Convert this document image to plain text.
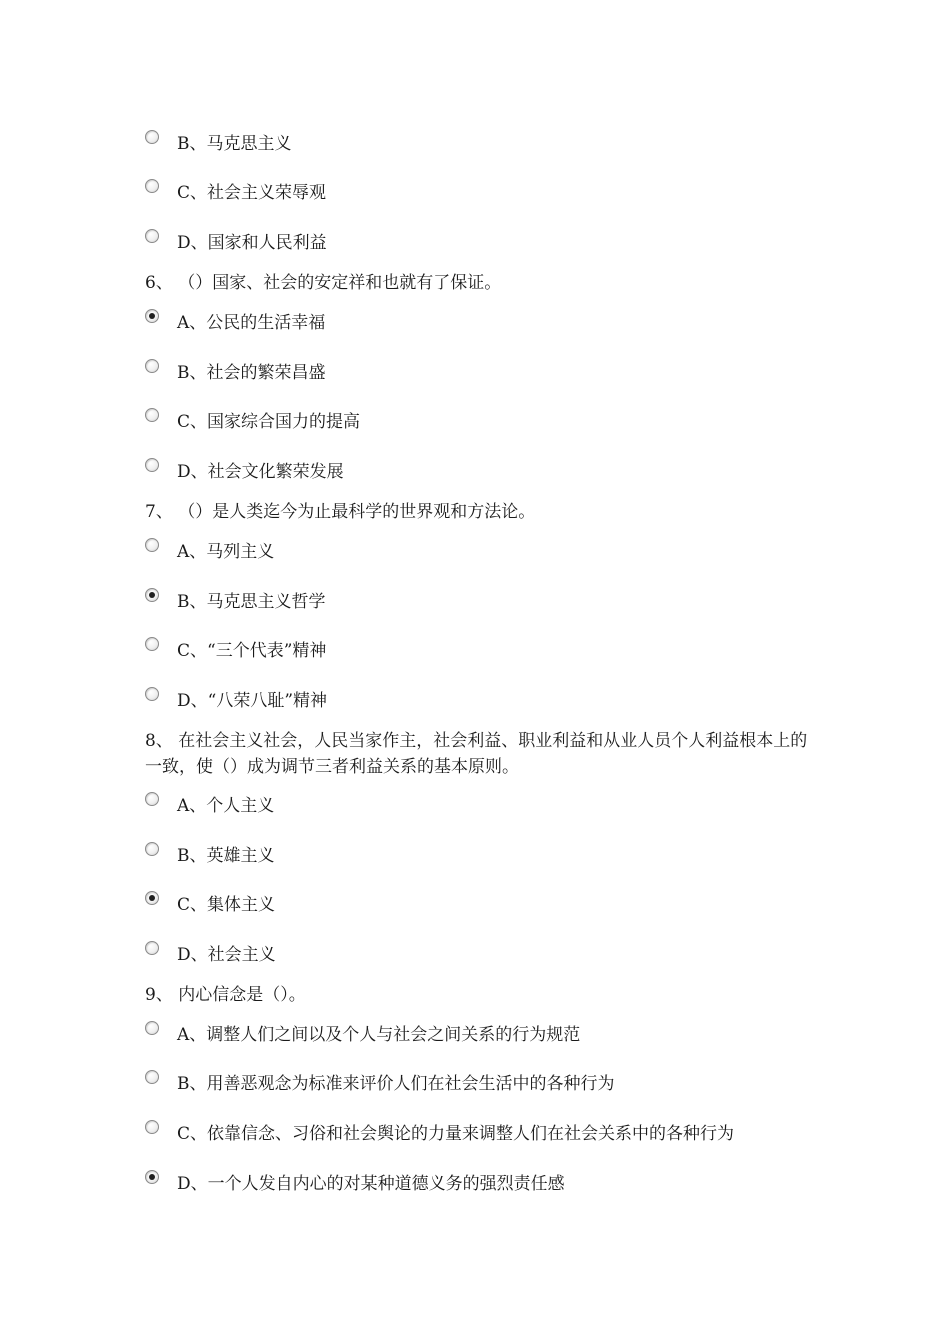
B、马克思主义
C、社会主义荣辱观
D、国家和人民利益
6、 （）国家、社会的安定祥和也就有了保证。
A、公民的生活幸福
B、社会的繁荣昌盛
C、国家综合国力的提高
D、社会文化繁荣发展
7、 （）是人类迄今为止最科学的世界观和方法论。
A、马列主义
B、马克思主义哲学
C、“三个代表”精神
D、“八荣八耻”精神
8、 在社会主义社会，人民当家作主，社会利益、职业利益和从业人员个人利益根本上的一致，使（）成为调节三者利益关系的基本原则。
A、个人主义
B、英雄主义
C、集体主义
D、社会主义
9、 内心信念是（）。
A、调整人们之间以及个人与社会之间关系的行为规范
B、用善恶观念为标准来评价人们在社会生活中的各种行为
C、依靠信念、习俗和社会舆论的力量来调整人们在社会关系中的各种行为
D、一个人发自内心的对某种道德义务的强烈责任感
